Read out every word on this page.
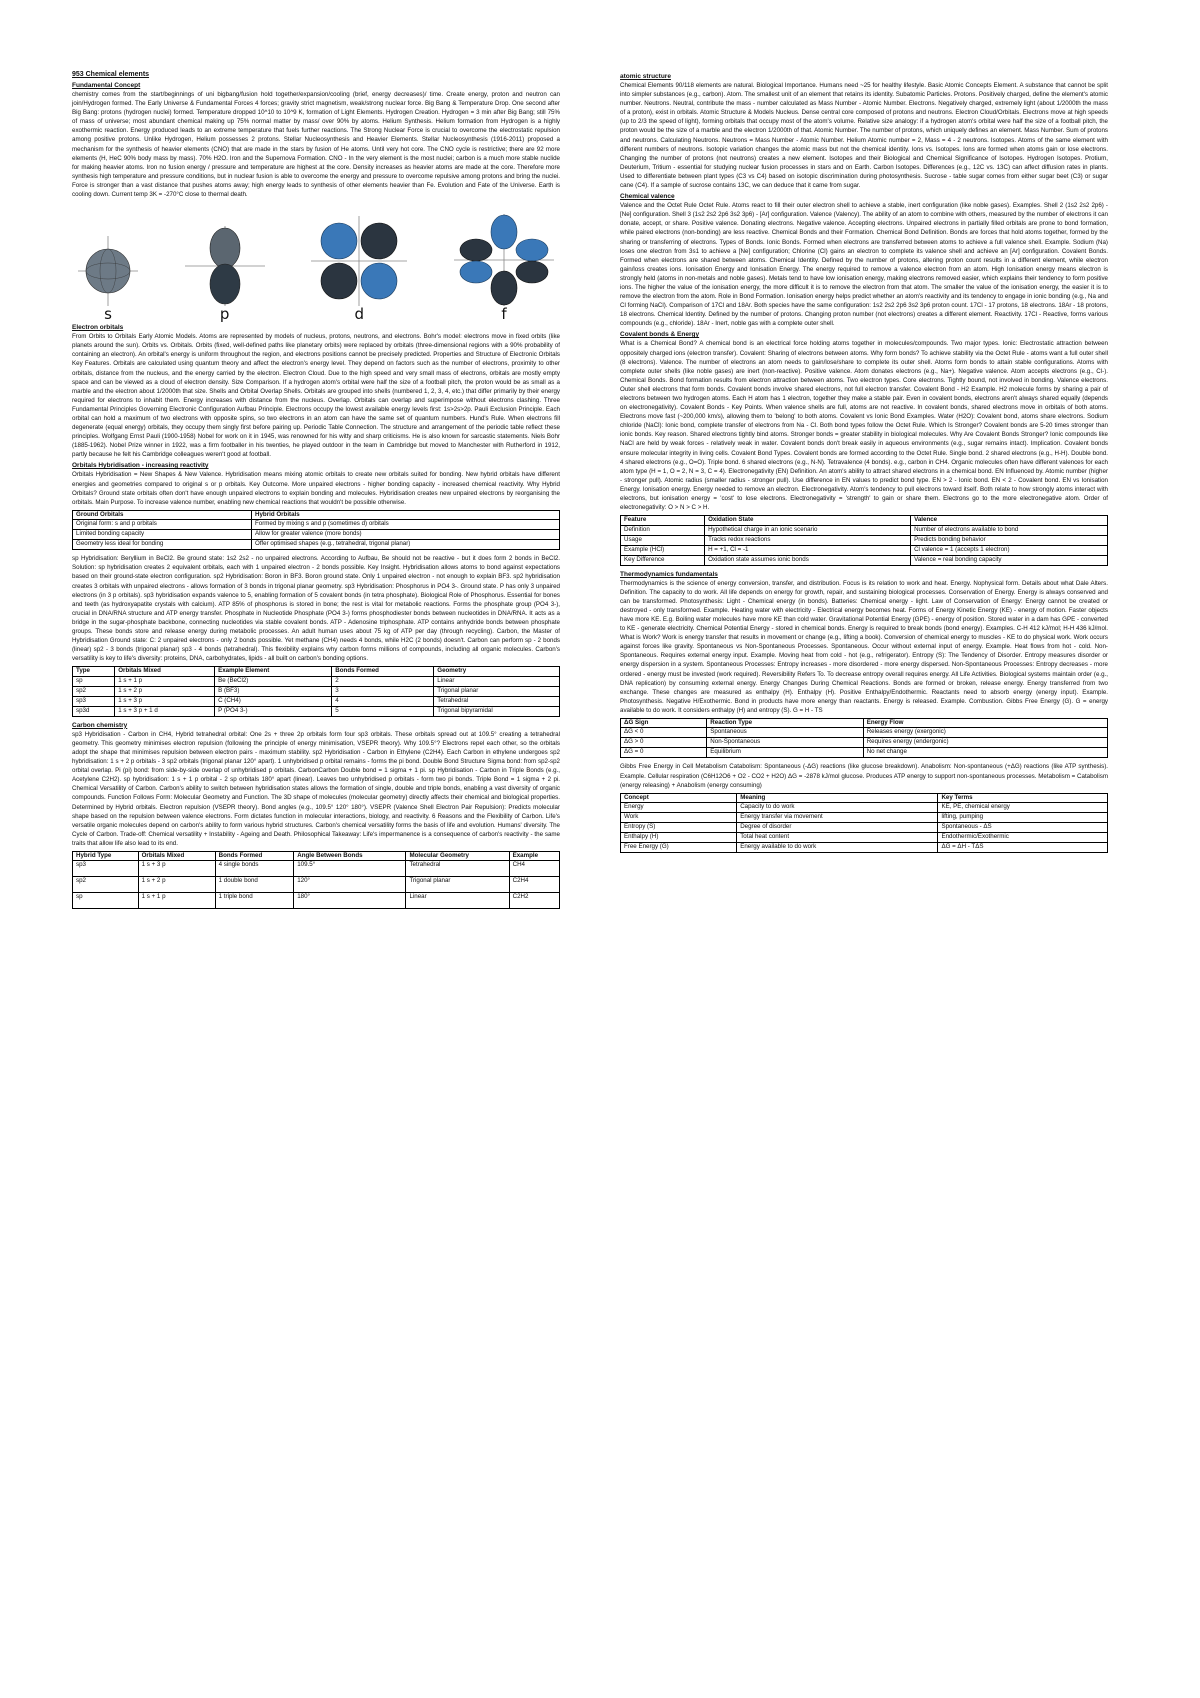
953 Chemical elements
Fundamental Concept

chemistry comes from the start/beginnings of uni bigbang/fusion hold together/expansion/cooling (brief, energy decreases)/ time. Create energy, proton and neutron can join/Hydrogen formed. The Early Universe & Fundamental Forces 4 forces; gravity strict magnetism, weak/strong nuclear force. Big Bang & Temperature Drop. One second after Big Bang: protons (hydrogen nuclei) formed. Temperature dropped 10^10 to 10^9 K, formation of Light Elements. Hydrogen Creation. Hydrogen = 3 min after Big Bang; still 75% of mass of universe; most abundant chemical making up 75% normal matter by mass/ over 90% by atoms. Helium Synthesis. Helium formation from Hydrogen is a highly exothermic reaction. Energy produced leads to an extreme temperature that fuels further reactions. The Strong Nuclear Force is crucial to overcome the electrostatic repulsion among positive protons. Unlike Hydrogen, Helium possesses 2 protons. Stellar Nucleosynthesis and Heavier Elements. Stellar Nucleosynthesis (1916-2011) proposed a mechanism for the synthesis of heavier elements (CNO) that are made in the stars by fusion of He atoms. Until very hot core. The CNO cycle is restrictive; there are 92 more elements (H, HeC 90% body mass by mass). 70% H2O. Iron and the Supernova Formation. CNO - In the very element is the most nuclei; carbon is a much more stable nuclide for making heavier atoms. Iron no fusion energy / pressure and temperature are highest at the core. Density increases as heavier atoms are made at the core. Therefore more synthesis high temperature and pressure conditions, but in nuclear fusion is able to overcome the energy and pressure to overcome repulsive among protons and bring the nuclei. Force is stronger than a vast distance that pushes atoms away; high energy leads to synthesis of other elements heavier than Fe. Evolution and Fate of the Universe. Earth is cooling down. Current temp 3K = -270°C close to thermal death.

s	p	d	f
Electron orbitals

From Orbits to Orbitals Early Atomic Models. Atoms are represented by models of nucleus, protons, neutrons, and electrons. Bohr's model: electrons move in fixed orbits (like planets around the sun). Orbits vs. Orbitals. Orbits (fixed, well-defined paths like planetary orbits) were replaced by orbitals (three-dimensional regions with a 90% probability of containing an electron). An orbital's energy is uniform throughout the region, and electrons positions cannot be precisely predicted. Properties and Structure of Electronic Orbitals Key Features. Orbitals are calculated using quantum theory and affect the electron's energy level. They depend on factors such as the number of electrons, proximity to other orbitals, distance from the nucleus, and the energy carried by the electron. Electron Cloud. Due to the high speed and very small mass of electrons, orbitals are mostly empty space and can be viewed as a cloud of electron density. Size Comparison. If a hydrogen atom's orbital were half the size of a football pitch, the proton would be as small as a marble and the electron about 1/2000th that size. Shells and Orbital Overlap Shells. Orbitals are grouped into shells (numbered 1, 2, 3, 4, etc.) that differ primarily by their energy required for electrons to inhabit them. Energy increases with distance from the nucleus. Overlap. Orbitals can overlap and superimpose without electrons clashing. Three Fundamental Principles Governing Electronic Configuration Aufbau Principle. Electrons occupy the lowest available energy levels first: 1s>2s>2p. Pauli Exclusion Principle. Each orbital can hold a maximum of two electrons with opposite spins, so two electrons in an atom can have the same set of quantum numbers. Hund's Rule. When electrons fill degenerate (equal energy) orbitals, they occupy them singly first before pairing up. Periodic Table Connection. The structure and arrangement of the periodic table reflect these principles. Wolfgang Ernst Pauli (1900-1958) Nobel for work on it in 1945, was renowned for his witty and sharp criticisms. He is also known for sarcastic statements. Niels Bohr (1885-1962). Nobel Prize winner in 1922, was a firm footballer in his twenties, he played outdoor in the team in Cambridge but moved to Manchester with Rutherford in 1912, partly because he felt his Cambridge colleagues weren't good at football.

Orbitals Hybridisation - increasing reactivity

Orbitals Hybridisation = New Shapes & New Valence. Hybridisation means mixing atomic orbitals to create new orbitals suited for bonding. New hybrid orbitals have different energies and geometries compared to original s or p orbitals. Key Outcome. More unpaired electrons - higher bonding capacity - increased chemical reactivity. Why Hybrid Orbitals? Ground state orbitals often don't have enough unpaired electrons to explain bonding and molecules. Hybridisation creates new unpaired electrons by reorganising the orbitals. Main Purpose. To increase valence number, enabling new chemical reactions that wouldn't be possible otherwise.

Ground Orbitals	Hybrid Orbitals
Original form: s and p orbitals	Formed by mixing s and p (sometimes d) orbitals
Limited bonding capacity	Allow for greater valence (more bonds)
Geometry less ideal for bonding	Offer optimised shapes (e.g., tetrahedral, trigonal planar)

sp Hybridisation: Beryllium in BeCl2. Be ground state: 1s2 2s2 - no unpaired electrons. According to Aufbau, Be should not be reactive - but it does form 2 bonds in BeCl2. Solution: sp hybridisation creates 2 equivalent orbitals, each with 1 unpaired electron - 2 bonds possible. Key Insight. Hybridisation allows atoms to bond against expectations based on their ground-state electron configuration. sp2 Hybridisation: Boron in BF3. Boron ground state. Only 1 unpaired electron - not enough to explain BF3. sp2 hybridisation creates 3 orbitals with unpaired electrons - allows formation of 3 bonds in trigonal planar geometry. sp3 Hybridisation: Phosphorus in PO4 3-. Ground state. P has only 3 unpaired electrons (in 3 p orbitals). sp3 hybridisation expands valence to 5, enabling formation of 5 covalent bonds (in tetra phosphate). Biological Role of Phosphorus. Essential for bones and teeth (as hydroxyapatite crystals with calcium). ATP 85% of phosphorus is stored in bone; the rest is vital for metabolic reactions. Forms the phosphate group (PO4 3-), crucial in DNA/RNA structure and ATP energy transfer. Phosphate in Nucleotide Phosphate (PO4 3-) forms phosphodiester bonds between nucleotides in DNA/RNA. It acts as a bridge in the sugar-phosphate backbone, connecting nucleotides via stable covalent bonds. ATP - Adenosine triphosphate. ATP contains anhydride bonds between phosphate groups. These bonds store and release energy during metabolic processes. An adult human uses about 75 kg of ATP per day (through recycling). Carbon, the Master of Hybridisation Ground state: C: 2 unpaired electrons - only 2 bonds possible. Yet methane (CH4) needs 4 bonds, while H2C (2 bonds) doesn't. Carbon can perform sp - 2 bonds (linear) sp2 - 3 bonds (trigonal planar) sp3 - 4 bonds (tetrahedral). This flexibility explains why carbon forms millions of compounds, including all organic molecules. Carbon's versatility is key to life's diversity: proteins, DNA, carbohydrates, lipids - all built on carbon's bonding options.

Type	Orbitals Mixed	Example Element	Bonds Formed	Geometry
sp	1 s + 1 p	Be (BeCl2)	2	Linear
sp2	1 s + 2 p	B (BF3)	3	Trigonal planar
sp3	1 s + 3 p	C (CH4)	4	Tetrahedral
sp3d	1 s + 3 p + 1 d	P (PO4 3-)	5	Trigonal bipyramidal
Carbon chemistry

sp3 Hybridisation - Carbon in CH4, Hybrid tetrahedral orbital: One 2s + three 2p orbitals form four sp3 orbitals. These orbitals spread out at 109.5° creating a tetrahedral geometry. This geometry minimises electron repulsion (following the principle of energy minimisation, VSEPR theory). Why 109.5°? Electrons repel each other, so the orbitals adopt the shape that minimises repulsion between electron pairs - maximum stability. sp2 Hybridisation - Carbon in Ethylene (C2H4). Each Carbon in ethylene undergoes sp2 hybridisation: 1 s + 2 p orbitals - 3 sp2 orbitals (trigonal planar 120° apart). 1 unhybridised p orbital remains - forms the pi bond. Double Bond Structure Sigma bond: from sp2-sp2 orbital overlap. Pi (pi) bond: from side-by-side overlap of unhybridised p orbitals. CarbonCarbon Double bond = 1 sigma + 1 pi. sp Hybridisation - Carbon in Triple Bonds (e.g., Acetylene C2H2). sp hybridisation: 1 s + 1 p orbital - 2 sp orbitals 180° apart (linear). Leaves two unhybridised p orbitals - form two pi bonds. Triple Bond = 1 sigma + 2 pi. Chemical Versatility of Carbon. Carbon's ability to switch between hybridisation states allows the formation of single, double and triple bonds, enabling a vast diversity of organic compounds. Function Follows Form: Molecular Geometry and Function. The 3D shape of molecules (molecular geometry) directly affects their chemical and biological properties. Determined by Hybrid orbitals. Electron repulsion (VSEPR theory). Bond angles (e.g., 109.5° 120° 180°). VSEPR (Valence Shell Electron Pair Repulsion): Predicts molecular shape based on the repulsion between valence electrons. Form dictates function in molecular interactions, biology, and reactivity. 6 Reasons and the Flexibility of Carbon. Life's versatile organic molecules depend on carbon's ability to form various hybrid structures. Carbon's chemical versatility forms the basis of life and evolution. Humans' diversity. The Cycle of Carbon. Trade-off: Chemical versatility + Instability - Ageing and Death. Philosophical Takeaway: Life's impermanence is a consequence of carbon's reactivity - the same traits that allow life also lead to its end.

Hybrid Type	Orbitals Mixed	Bonds Formed	Angle Between Bonds	Molecular Geometry	Example
sp3	1 s + 3 p	4 single bonds	109.5°	Tetrahedral	CH4
sp2	1 s + 2 p	1 double bond	120°	Trigonal planar	C2H4
sp	1 s + 1 p	1 triple bond	180°	Linear	C2H2
atomic structure

Chemical Elements 90/118 elements are natural. Biological Importance. Humans need ~25 for healthy lifestyle. Basic Atomic Concepts Element. A substance that cannot be split into simpler substances (e.g., carbon). Atom. The smallest unit of an element that retains its identity. Subatomic Particles. Protons. Positively charged, define the element's atomic number. Neutrons. Neutral, contribute the mass - number calculated as Mass Number - Atomic Number. Electrons. Negatively charged, extremely light (about 1/2000th the mass of a proton), exist in orbitals. Atomic Structure & Models Nucleus. Dense central core composed of protons and neutrons. Electron Cloud/Orbitals. Electrons move at high speeds (up to 2/3 the speed of light), forming orbitals that occupy most of the atom's volume. Relative size analogy: if a hydrogen atom's orbital were half the size of a football pitch, the proton would be the size of a marble and the electron 1/2000th of that. Atomic Number. The number of protons, which uniquely defines an element. Mass Number. Sum of protons and neutrons. Calculating Neutrons. Neutrons = Mass Number - Atomic Number. Helium Atomic number = 2, Mass = 4 - 2 neutrons. Isotopes. Atoms of the same element with different numbers of neutrons. Isotopic variation changes the atomic mass but not the chemical identity. Ions vs. Isotopes. Ions are formed when atoms gain or lose electrons. Changing the number of protons (not neutrons) creates a new element. Isotopes and their Biological and Chemical Significance of Isotopes. Hydrogen Isotopes. Protium, Deuterium, Tritium - essential for studying nuclear fusion processes in stars and on Earth. Carbon Isotopes. Differences (e.g., 12C vs. 13C) can affect diffusion rates in plants. Used to differentiate between plant types (C3 vs C4) based on isotopic discrimination during photosynthesis. Sucrose - table sugar comes from either sugar beet (C3) or sugar cane (C4). If a sample of sucrose contains 13C, we can deduce that it came from sugar.

Chemical valence

Valence and the Octet Rule Octet Rule. Atoms react to fill their outer electron shell to achieve a stable, inert configuration (like noble gases). Examples. Shell 2 (1s2 2s2 2p6) - [Ne] configuration. Shell 3 (1s2 2s2 2p6 3s2 3p6) - [Ar] configuration. Valence (Valency). The ability of an atom to combine with others, measured by the number of electrons it can donate, accept, or share. Positive valence. Donating electrons. Negative valence. Accepting electrons. Unpaired electrons in partially filled orbitals are prone to bond formation, while paired electrons (non-bonding) are less reactive. Chemical Bonds and their Formation. Chemical Bond Definition. Bonds are forces that hold atoms together, formed by the sharing or transferring of electrons. Types of Bonds. Ionic Bonds. Formed when electrons are transferred between atoms to achieve a full valence shell. Example. Sodium (Na) loses one electron from 3s1 to achieve a [Ne] configuration; Chlorine (Cl) gains an electron to complete its valence shell and achieve an [Ar] configuration. Covalent Bonds. Formed when electrons are shared between atoms. Chemical Identity. Defined by the number of protons, altering proton count results in a different element, while electron gain/loss creates ions. Ionisation Energy and Ionisation Energy. The energy required to remove a valence electron from an atom. High Ionisation energy means electron is strongly held (atoms in non-metals and noble gases). Metals tend to have low ionisation energy, making electrons removed easier, which explains their tendency to form positive ions. The higher the value of the ionisation energy, the more difficult it is to remove the electron from that atom. The smaller the value of the ionisation energy, the easier it is to remove the electron from the atom. Role in Bond Formation. Ionisation energy helps predict whether an atom's reactivity and its tendency to engage in ionic bonding (e.g., Na and Cl forming NaCl). Comparison of 17Cl and 18Ar. Both species have the same configuration: 1s2 2s2 2p6 3s2 3p6 proton count. 17Cl - 17 protons, 18 electrons. 18Ar - 18 protons, 18 electrons. Chemical Identity. Defined by the number of protons. Changing proton number (not electrons) creates a different element. Reactivity. 17Cl - Reactive, forms various compounds (e.g., chloride). 18Ar - Inert, noble gas with a complete outer shell.

Covalent bonds & Energy

What is a Chemical Bond? A chemical bond is an electrical force holding atoms together in molecules/compounds. Two major types. Ionic: Electrostatic attraction between oppositely charged ions (electron transfer). Covalent: Sharing of electrons between atoms. Why form bonds? To achieve stability via the Octet Rule - atoms want a full outer shell (8 electrons). Valence. The number of electrons an atom needs to gain/lose/share to complete its outer shell. Atoms form bonds to attain stable configurations. Atoms with complete outer shells (like noble gases) are inert (non-reactive). Positive valence. Atom donates electrons (e.g., Na+). Negative valence. Atom accepts electrons (e.g., Cl-). Chemical Bonds. Bond formation results from electron attraction between atoms. Two electron types. Core electrons. Tightly bound, not involved in bonding. Valence electrons. Outer shell electrons that form bonds. Covalent bonds involve shared electrons, not full electron transfer. Covalent Bond - H2 Example. H2 molecule forms by sharing a pair of electrons between two hydrogen atoms. Each H atom has 1 electron, together they make a stable pair. Even in covalent bonds, electrons aren't always shared equally (depends on electronegativity). Covalent Bonds - Key Points. When valence shells are full, atoms are not reactive. In covalent bonds, shared electrons move in orbitals of both atoms. Electrons move fast (~200,000 km/s), allowing them to 'belong' to both atoms. Covalent vs Ionic Bond Examples. Water (H2O): Covalent bond, atoms share electrons. Sodium chloride (NaCl): Ionic bond, complete transfer of electrons from Na - Cl. Both bond types follow the Octet Rule. Which Is Stronger? Covalent bonds are 5-20 times stronger than ionic bonds. Key reason. Shared electrons tightly bind atoms. Stronger bonds = greater stability in biological molecules. Why Are Covalent Bonds Stronger? Ionic compounds like NaCl are held by weak forces - relatively weak in water. Covalent bonds don't break easily in aqueous environments (e.g., sugar remains intact). Implication. Covalent bonds ensure molecular integrity in living cells. Covalent Bond Types. Covalent bonds are formed according to the Octet Rule. Single bond. 2 shared electrons (e.g., H-H). Double bond. 4 shared electrons (e.g., O=O). Triple bond. 6 shared electrons (e.g., N-N). Tetravalence (4 bonds). e.g., carbon in CH4. Organic molecules often have different valences for each atom type (H = 1, O = 2, N = 3, C = 4). Electronegativity (EN) Definition. An atom's ability to attract shared electrons in a chemical bond. EN Influenced by. Atomic number (higher - stronger pull). Atomic radius (smaller radius - stronger pull). Use difference in EN values to predict bond type. EN > 2 - Ionic bond. EN < 2 - Covalent bond. EN vs Ionisation Energy. Ionisation energy. Energy needed to remove an electron. Electronegativity. Atom's tendency to pull electrons toward itself. Both relate to how strongly atoms interact with electrons, but ionisation energy = 'cost' to lose electrons. Electronegativity = 'strength' to gain or share them. Electrons go to the more electronegative atom. Order of electronegativity: O > N > C > H.

Feature	Oxidation State	Valence
Definition	Hypothetical charge in an ionic scenario	Number of electrons available to bond
Usage	Tracks redox reactions	Predicts bonding behavior
Example (HCl)	H = +1, Cl = -1	Cl valence = 1 (accepts 1 electron)
Key Difference	Oxidation state assumes ionic bonds	Valence = real bonding capacity
Thermodynamics fundamentals

Thermodynamics is the science of energy conversion, transfer, and distribution. Focus is its relation to work and heat. Energy. Nophysical form. Details about what Dale Alters. Definition. The capacity to do work. All life depends on energy for growth, repair, and sustaining biological processes. Conservation of Energy. Energy is always conserved and can be transformed. Photosynthesis: Light - Chemical energy (in bonds). Batteries: Chemical energy - light. Law of Conservation of Energy: Energy cannot be created or destroyed - only transformed. Example. Heating water with electricity - Electrical energy becomes heat. Forms of Energy Kinetic Energy (KE) - energy of motion. Faster objects have more KE. E.g. Boiling water molecules have more KE than cold water. Gravitational Potential Energy (GPE) - energy of position. Stored water in a dam has GPE - converted to KE - generate electricity. Chemical Potential Energy - stored in chemical bonds. Energy is required to break bonds (bond energy). Examples. C-H 412 kJ/mol; H-H 436 kJ/mol. What is Work? Work is energy transfer that results in movement or change (e.g., lifting a book). Conversion of chemical energy to muscles - KE to do physical work. Work occurs against forces like gravity. Spontaneous vs Non-Spontaneous Processes. Spontaneous. Occur without external input of energy. Example. Heat flows from hot - cold. Non-Spontaneous. Requires external energy input. Example. Moving heat from cold - hot (e.g., refrigerator). Entropy (S): The Tendency of Disorder. Entropy measures disorder or energy dispersion in a system. Spontaneous Processes: Entropy increases - more disordered - more energy dispersed. Non-Spontaneous Processes: Entropy decreases - more ordered - energy must be invested (work required). Reversibility Refers To. To decrease entropy overall requires energy. All Life Activities. Biological systems maintain order (e.g., DNA replication) by consuming external energy. Energy Changes During Chemical Reactions. Bonds are formed or broken, release energy. Energy transferred from two exchange. These changes are measured as enthalpy (H). Enthalpy (H). Positive Enthalpy/Endothermic. Reactants need to absorb energy (energy input). Example. Photosynthesis. Negative H/Exothermic. Bond in products have more energy than reactants. Energy is released. Example. Combustion. Gibbs Free Energy (G). G = energy available to do work. It considers enthalpy (H) and entropy (S). G = H - TS

ΔG Sign	Reaction Type	Energy Flow
ΔG < 0	Spontaneous	Releases energy (exergonic)
ΔG > 0	Non-Spontaneous	Requires energy (endergonic)
ΔG = 0	Equilibrium	No net change

Gibbs Free Energy in Cell Metabolism Catabolism: Spontaneous (-ΔG) reactions (like glucose breakdown). Anabolism: Non-spontaneous (+ΔG) reactions (like ATP synthesis). Example. Cellular respiration (C6H12O6 + O2 - CO2 + H2O) ΔG = -2878 kJ/mol glucose. Produces ATP energy to support non-spontaneous processes. Metabolism = Catabolism (energy releasing) + Anabolism (energy consuming)

Concept	Meaning	Key Terms
Energy	Capacity to do work	KE, PE, chemical energy
Work	Energy transfer via movement	lifting, pumping
Entropy (S)	Degree of disorder	Spontaneous - ΔS
Enthalpy (H)	Total heat content	Endothermic/Exothermic
Free Energy (G)	Energy available to do work	ΔG = ΔH - TΔS
